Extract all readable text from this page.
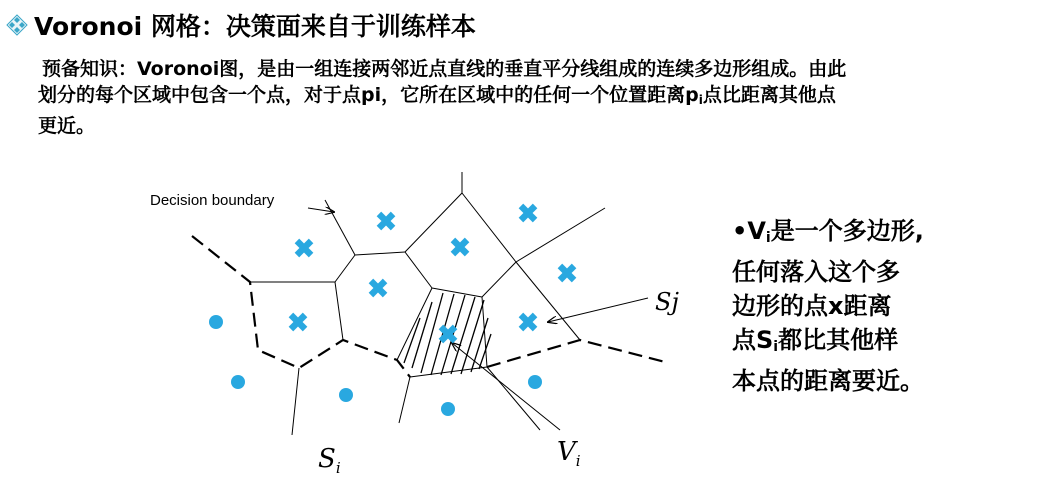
Voronoi 网格：决策面来自于训练样本
预备知识：Voronoi图，是由一组连接两邻近点直线的垂直平分线组成的连续多边形组成。由此
划分的每个区域中包含一个点，对于点pi，它所在区域中的任何一个位置距离$p_i$点比距离其他点
更近。
Decision boundary
Sj
$S_i$
$V_i$
$•V_i$是一个多边形,
任何落入这个多
边形的点x距离
点$S_i$都比其他样
本点的距离要近。
